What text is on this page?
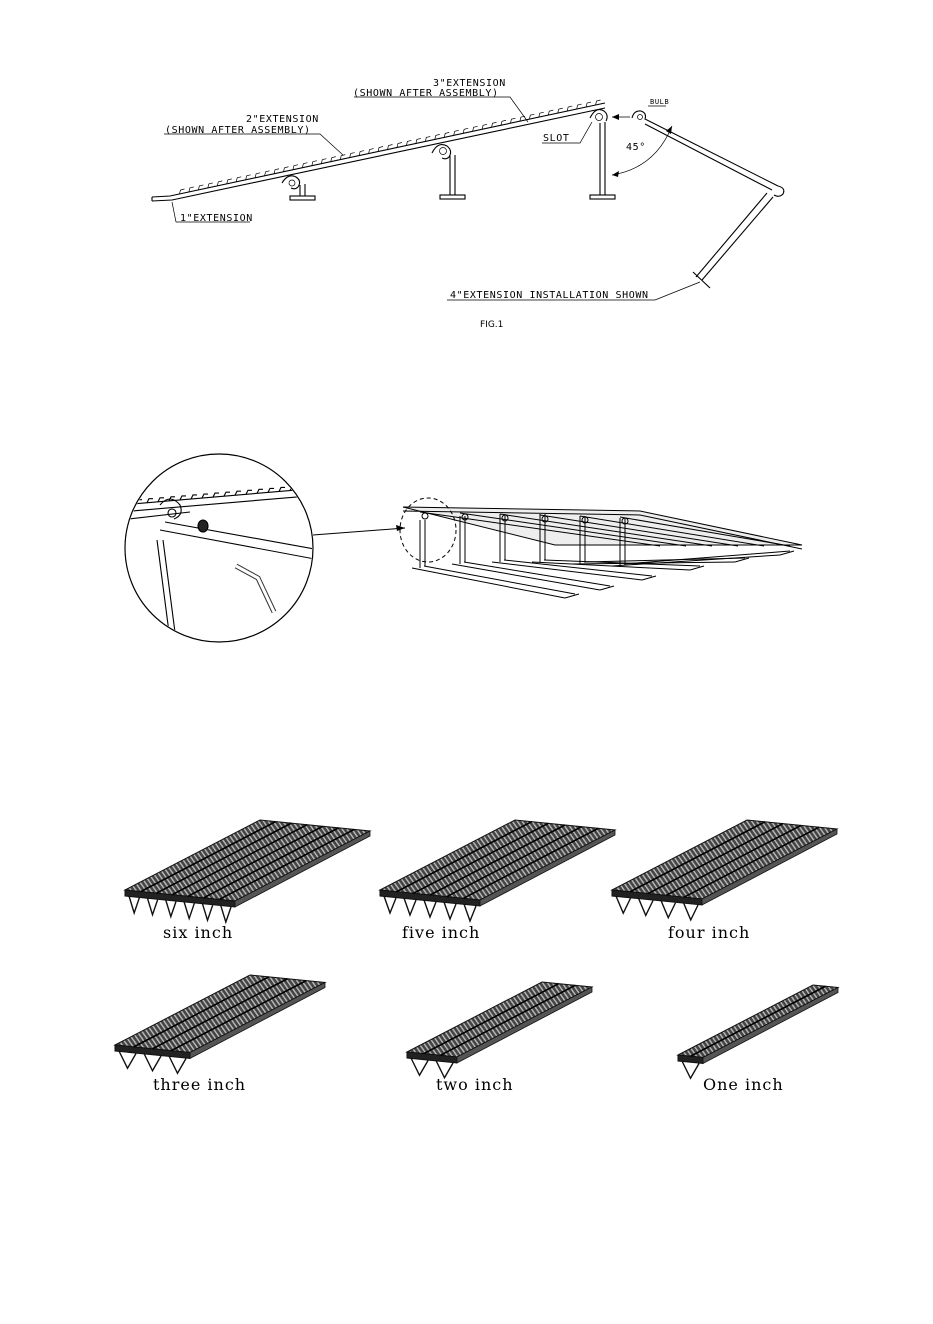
3"EXTENSION
(SHOWN AFTER ASSEMBLY)
2"EXTENSION
(SHOWN AFTER ASSEMBLY)
BULB
SLOT
45°
1"EXTENSION
4"EXTENSION INSTALLATION SHOWN
FIG.1
six inch	five inch	four inch
three inch	two inch	One inch
